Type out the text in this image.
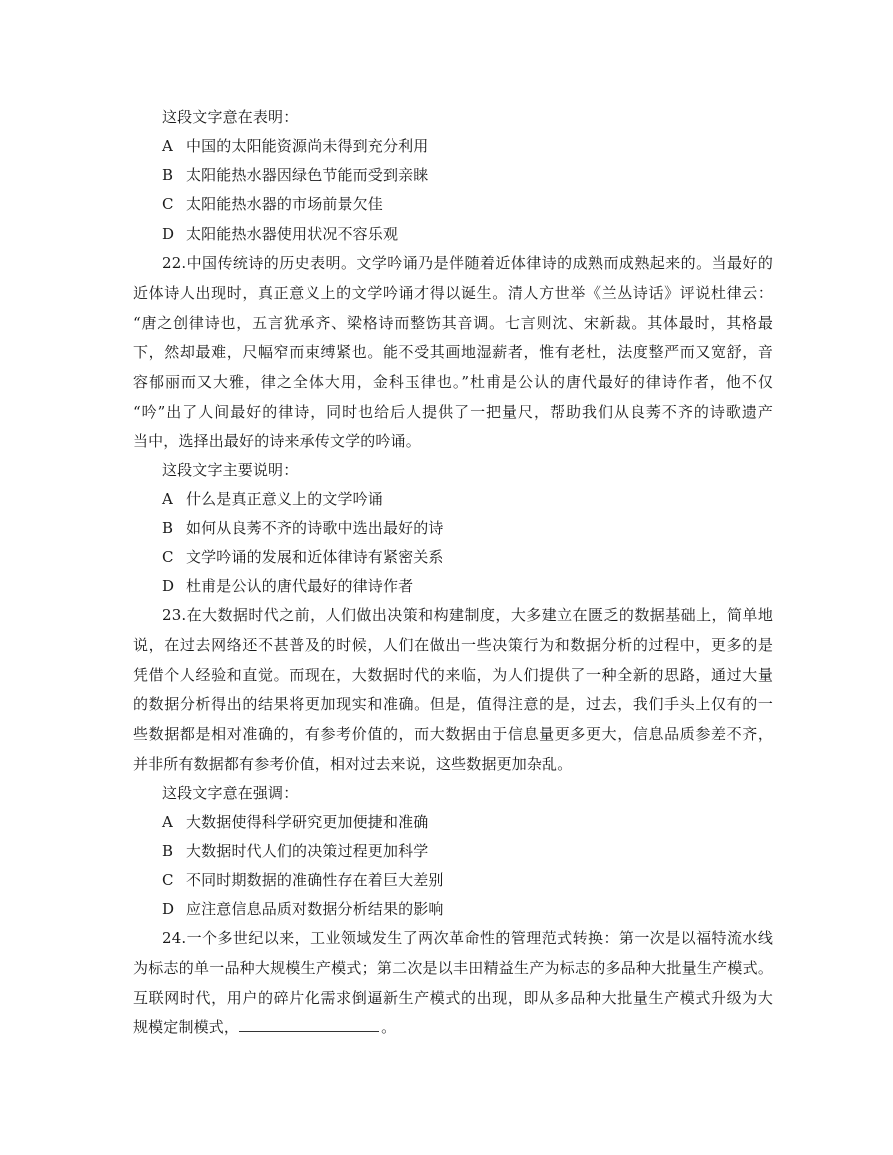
这段文字意在表明：
A 中国的太阳能资源尚未得到充分利用
B 太阳能热水器因绿色节能而受到亲睐
C 太阳能热水器的市场前景欠佳
D 太阳能热水器使用状况不容乐观
22.中国传统诗的历史表明。文学吟诵乃是伴随着近体律诗的成熟而成熟起来的。当最好的
近体诗人出现时，真正意义上的文学吟诵才得以诞生。清人方世举《兰丛诗话》评说杜律云：
“唐之创律诗也，五言犹承齐、梁格诗而整饬其音调。七言则沈、宋新裁。其体最时，其格最
下，然却最难，尺幅窄而束缚紧也。能不受其画地湿薪者，惟有老杜，法度整严而又宽舒，音
容郁丽而又大雅，律之全体大用，金科玉律也。”杜甫是公认的唐代最好的律诗作者，他不仅
“吟”出了人间最好的律诗，同时也给后人提供了一把量尺，帮助我们从良莠不齐的诗歌遗产
当中，选择出最好的诗来承传文学的吟诵。
这段文字主要说明：
A 什么是真正意义上的文学吟诵
B 如何从良莠不齐的诗歌中选出最好的诗
C 文学吟诵的发展和近体律诗有紧密关系
D 杜甫是公认的唐代最好的律诗作者
23.在大数据时代之前，人们做出决策和构建制度，大多建立在匮乏的数据基础上，简单地
说，在过去网络还不甚普及的时候，人们在做出一些决策行为和数据分析的过程中，更多的是
凭借个人经验和直觉。而现在，大数据时代的来临，为人们提供了一种全新的思路，通过大量
的数据分析得出的结果将更加现实和准确。但是，值得注意的是，过去，我们手头上仅有的一
些数据都是相对准确的，有参考价值的，而大数据由于信息量更多更大，信息品质参差不齐，
并非所有数据都有参考价值，相对过去来说，这些数据更加杂乱。
这段文字意在强调：
A 大数据使得科学研究更加便捷和准确
B 大数据时代人们的决策过程更加科学
C 不同时期数据的准确性存在着巨大差别
D 应注意信息品质对数据分析结果的影响
24.一个多世纪以来，工业领域发生了两次革命性的管理范式转换：第一次是以福特流水线
为标志的单一品种大规模生产模式；第二次是以丰田精益生产为标志的多品种大批量生产模式。
互联网时代，用户的碎片化需求倒逼新生产模式的出现，即从多品种大批量生产模式升级为大
规模定制模式，	。
